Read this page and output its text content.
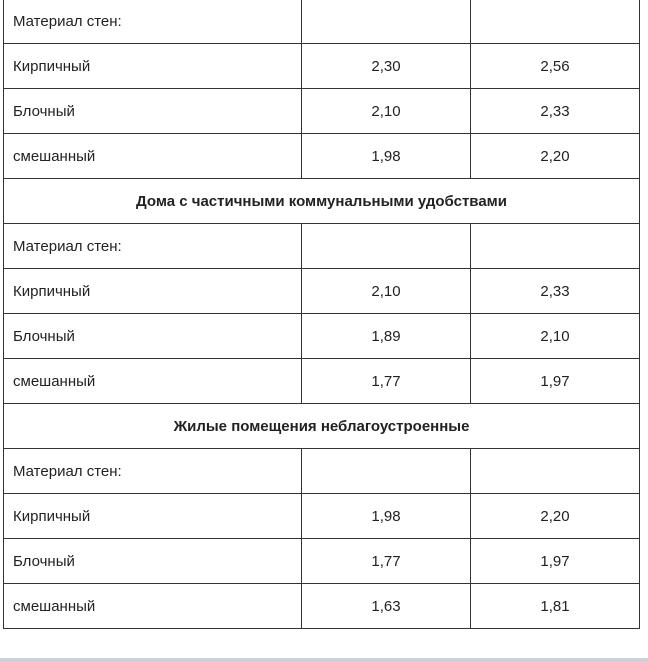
Материал стен:		
Кирпичный	2,30	2,56
Блочный	2,10	2,33
смешанный	1,98	2,20
Дома с частичными коммунальными удобствами		
Материал стен:		
Кирпичный	2,10	2,33
Блочный	1,89	2,10
смешанный	1,77	1,97
Жилые помещения неблагоустроенные		
Материал стен:		
Кирпичный	1,98	2,20
Блочный	1,77	1,97
смешанный	1,63	1,81
